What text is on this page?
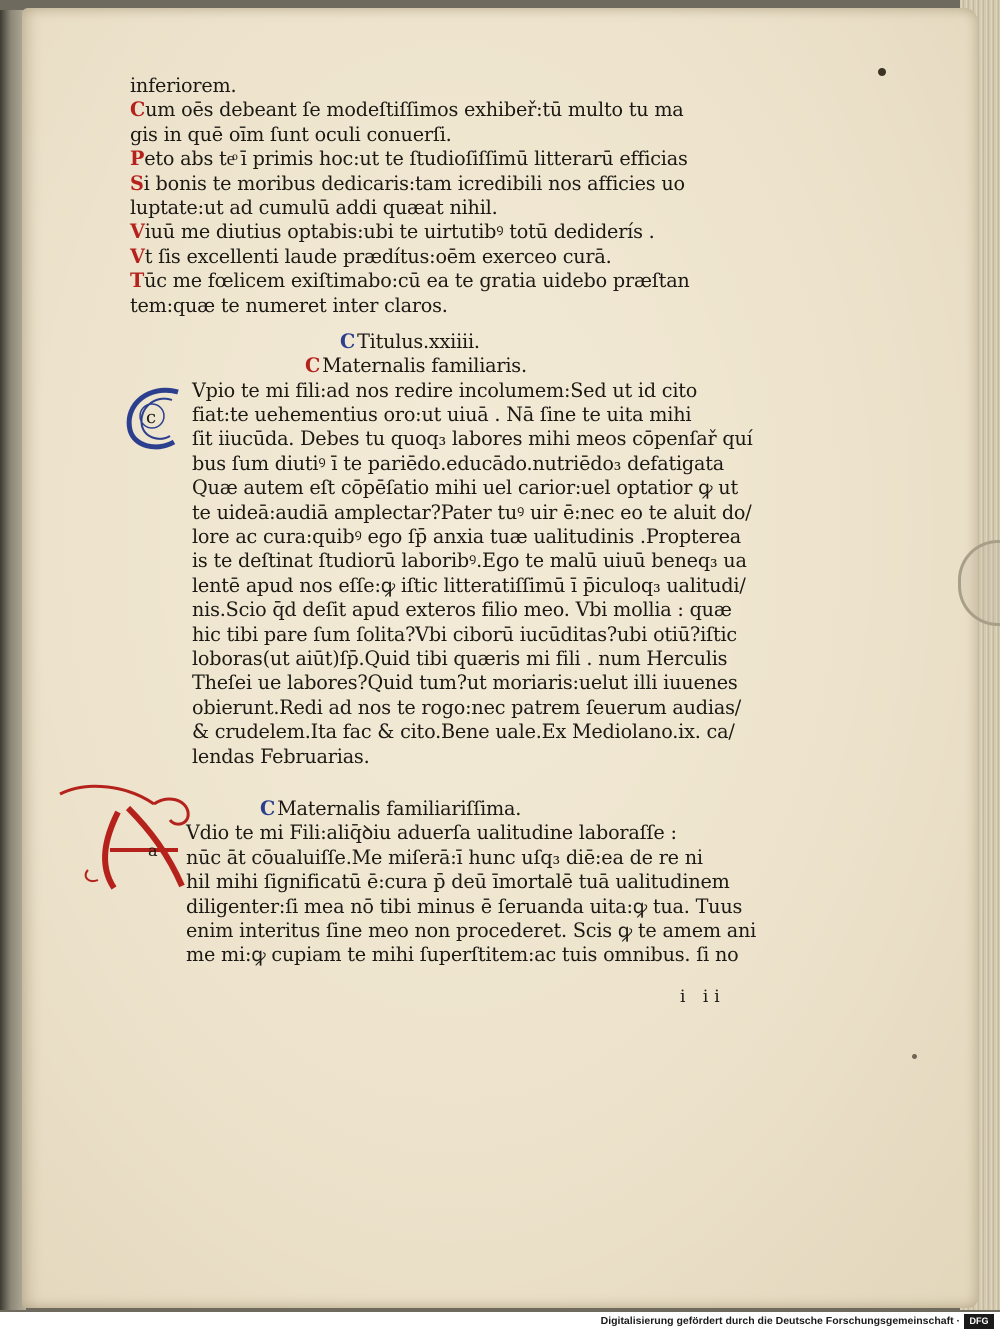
c
a
inferiorem.
Cum oēs debeant ſe modeſtiſſimos exhibeř:tū multo tu ma
gis in quē oīm ſunt oculi conuerſi.
Peto abs teͦ ī primis hoc:ut te ſtudioſiſſimū litterarū efficias
Si bonis te moribus dedicaris:tam icredibili nos afficies uo
luptate:ut ad cumulū addi quæat nihil.
Viuū me diutius optabis:ubi te uirtutibꝰ totū dediderís .
Vt ſis excellenti laude prædítus:oēm exerceo curā.
Tūc me fœlicem exiſtimabo:cū ea te gratia uidebo præſtan
tem:quæ te numeret inter claros.
C Titulus.xxiiii.
C Maternalis familiaris.
Vpio te mi fili:ad nos redire incolumem:Sed ut id cito
fiat:te uehementius oro:ut uiuā . Nā ſine te uita mihi
ſit iiucūda. Debes tu quoq₃ labores mihi meos cōpenſař quí
bus ſum diutiꝰ ī te pariēdo.educādo.nutriēdo₃ defatigata
Quæ autem eſt cōpēſatio mihi uel carior:uel optatior ꝙ ut
te uideā:audiā amplectar?Pater tuꝰ uir ē:nec eo te aluit do/
lore ac cura:quibꝰ ego ſp̄ anxia tuæ ualitudinis .Propterea
is te deſtinat ſtudiorū laboribꝰ.Ego te malū uiuū beneq₃ ua
lentē apud nos eſſe:ꝙ iſtic litteratiſſimū ī p̄iculoq₃ ualitudi/
nis.Scio q̄d deſit apud exteros filio meo. Vbi mollia : quæ
hic tibi pare ſum ſolita?Vbi ciborū iucūditas?ubi otiū?iſtic
loboras(ut aiūt)ſp̄.Quid tibi quæris mi fili . num Herculis
Theſei ue labores?Quid tum?ut moriaris:uelut illi iuuenes
obierunt.Redi ad nos te rogo:nec patrem ſeuerum audias/
& crudelem.Ita fac & cito.Bene uale.Ex Mediolano.ix. ca/
lendas Februarias.
C Maternalis familiariſſima.
Vdio te mi Fili:aliq̄ꝺiu aduerſa ualitudine laboraſſe :
nūc āt cōualuiſſe.Me miſerā:ī hunc uſq₃ diē:ea de re ni
hil mihi ſignificatū ē:cura p̄ deū īmortalē tuā ualitudinem
diligenter:ſi mea nō tibi minus ē ſeruanda uita:ꝙ tua. Tuus
enim interitus ſine meo non procederet. Scis ꝙ te amem ani
me mi:ꝙ cupiam te mihi ſuperſtitem:ac tuis omnibus. ſi no
i ii
Digitalisierung gefördert durch die Deutsche Forschungsgemeinschaft ·	DFG
